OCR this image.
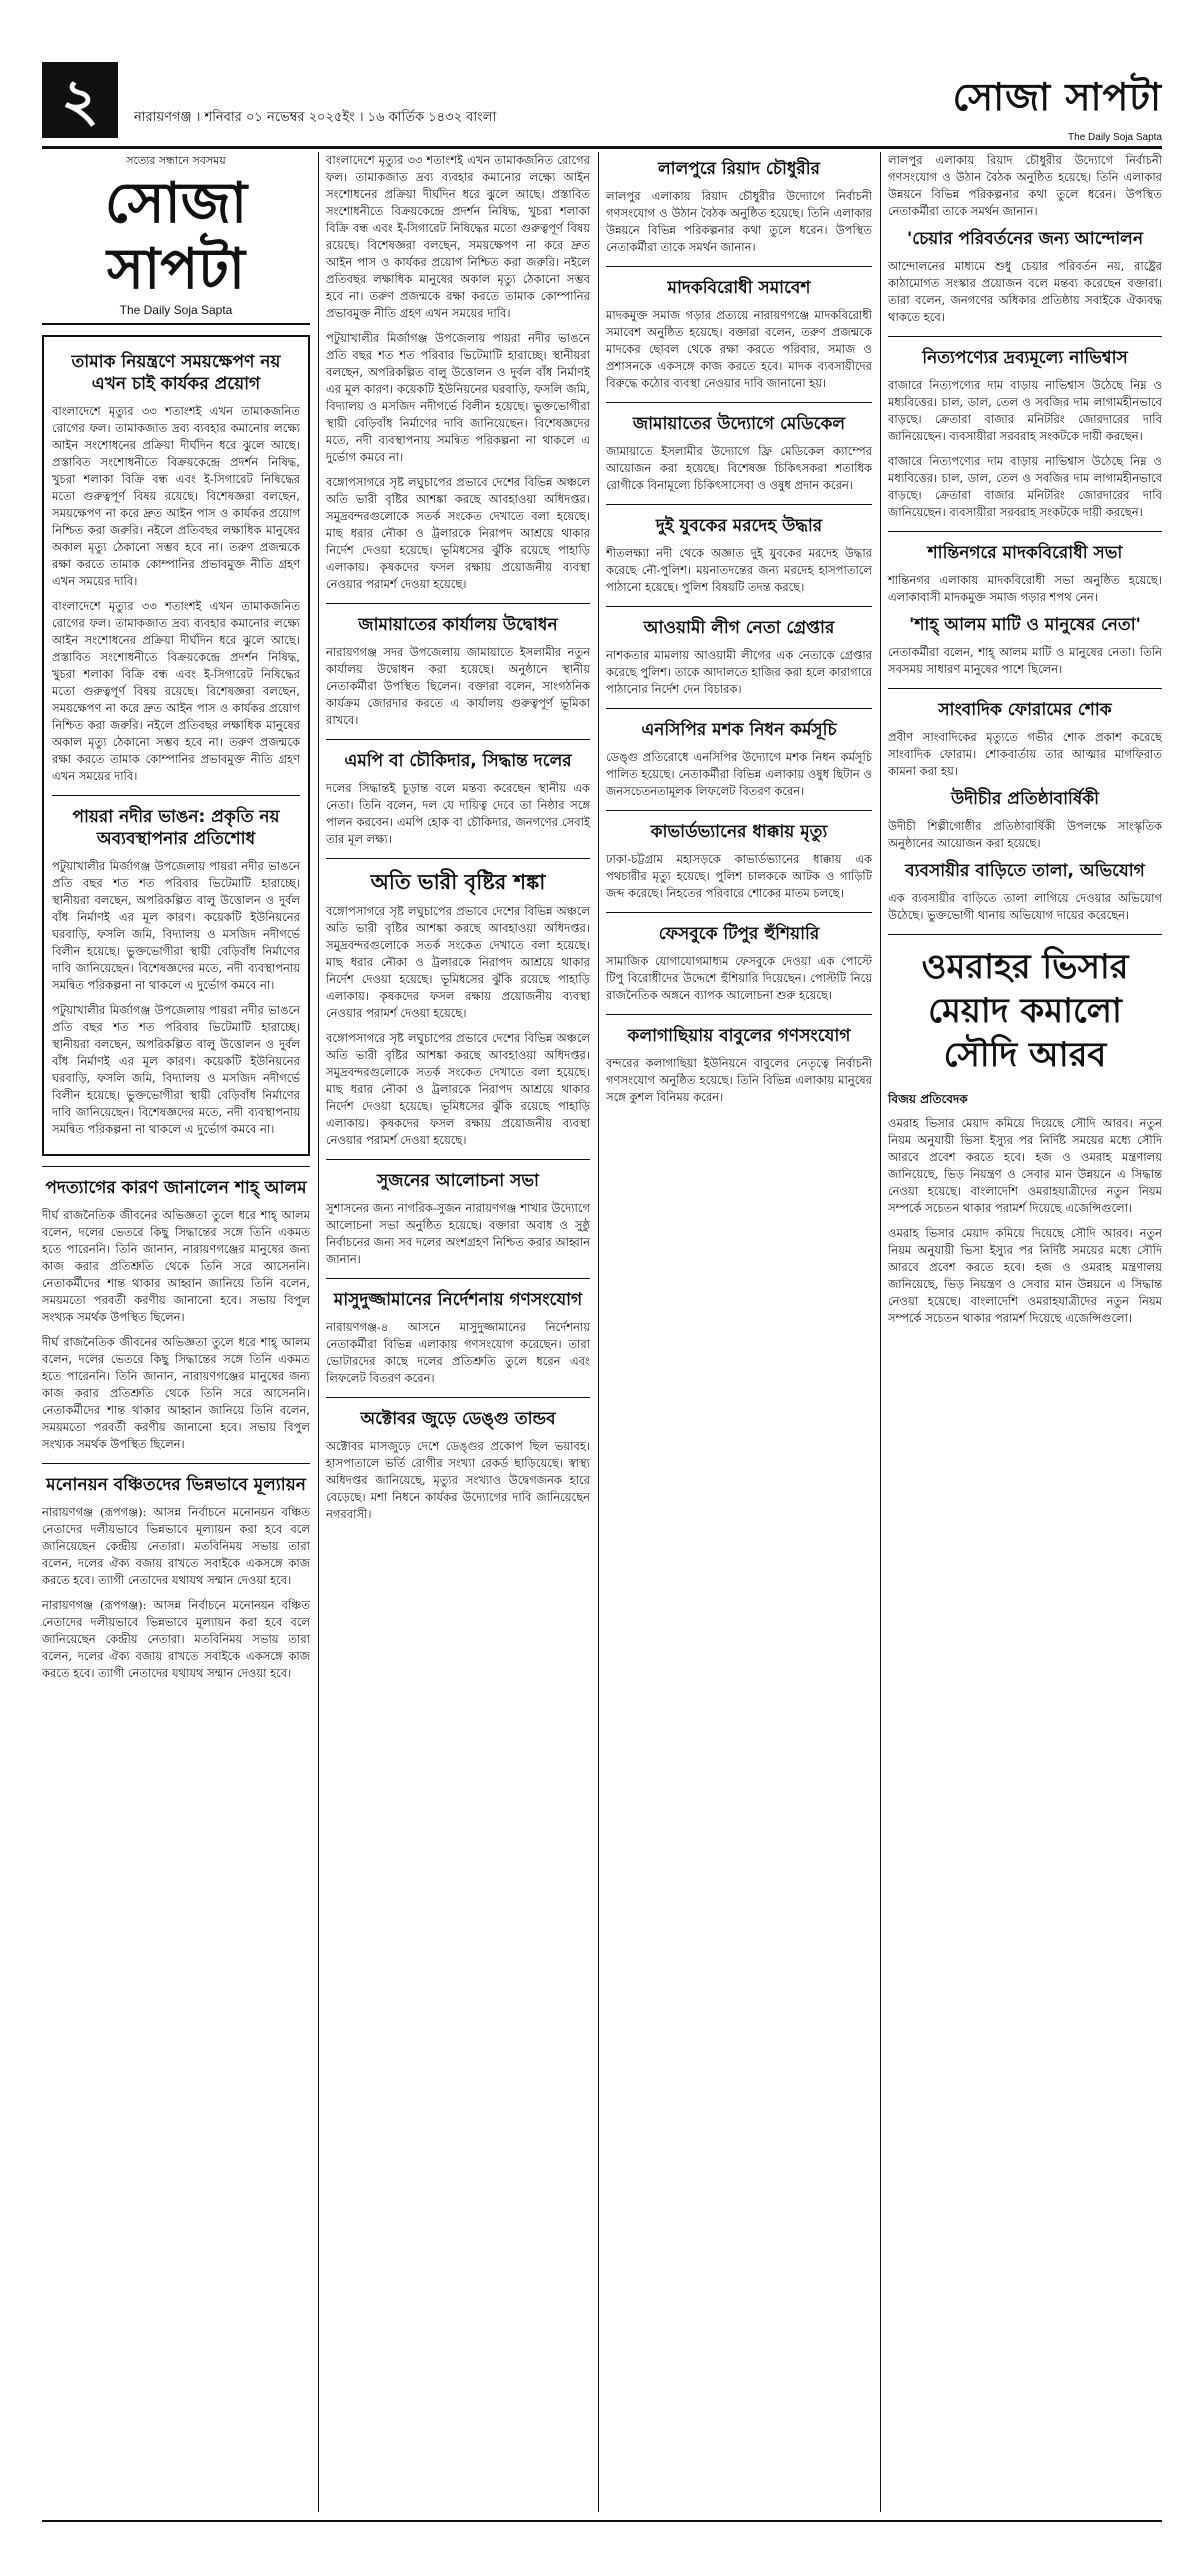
২	নারায়ণগঞ্জ । শনিবার ০১ নভেম্বর ২০২৫ইং । ১৬ কার্তিক ১৪৩২ বাংলা	সোজা সাপটা
The Daily Soja Sapta
সত্যের সন্ধানে সবসময়
সোজা সাপটা
The Daily Soja Sapta
তামাক নিয়ন্ত্রণে সময়ক্ষেপণ নয় এখন চাই কার্যকর প্রয়োগ

বাংলাদেশে মৃত্যুর ৩৩ শতাংশই এখন তামাকজনিত রোগের ফল। তামাকজাত দ্রব্য ব্যবহার কমানোর লক্ষ্যে আইন সংশোধনের প্রক্রিয়া দীর্ঘদিন ধরে ঝুলে আছে। প্রস্তাবিত সংশোধনীতে বিক্রয়কেন্দ্রে প্রদর্শন নিষিদ্ধ, খুচরা শলাকা বিক্রি বন্ধ এবং ই-সিগারেট নিষিদ্ধের মতো গুরুত্বপূর্ণ বিষয় রয়েছে। বিশেষজ্ঞরা বলছেন, সময়ক্ষেপণ না করে দ্রুত আইন পাস ও কার্যকর প্রয়োগ নিশ্চিত করা জরুরি। নইলে প্রতিবছর লক্ষাধিক মানুষের অকাল মৃত্যু ঠেকানো সম্ভব হবে না। তরুণ প্রজন্মকে রক্ষা করতে তামাক কোম্পানির প্রভাবমুক্ত নীতি গ্রহণ এখন সময়ের দাবি।

বাংলাদেশে মৃত্যুর ৩৩ শতাংশই এখন তামাকজনিত রোগের ফল। তামাকজাত দ্রব্য ব্যবহার কমানোর লক্ষ্যে আইন সংশোধনের প্রক্রিয়া দীর্ঘদিন ধরে ঝুলে আছে। প্রস্তাবিত সংশোধনীতে বিক্রয়কেন্দ্রে প্রদর্শন নিষিদ্ধ, খুচরা শলাকা বিক্রি বন্ধ এবং ই-সিগারেট নিষিদ্ধের মতো গুরুত্বপূর্ণ বিষয় রয়েছে। বিশেষজ্ঞরা বলছেন, সময়ক্ষেপণ না করে দ্রুত আইন পাস ও কার্যকর প্রয়োগ নিশ্চিত করা জরুরি। নইলে প্রতিবছর লক্ষাধিক মানুষের অকাল মৃত্যু ঠেকানো সম্ভব হবে না। তরুণ প্রজন্মকে রক্ষা করতে তামাক কোম্পানির প্রভাবমুক্ত নীতি গ্রহণ এখন সময়ের দাবি।

পায়রা নদীর ভাঙন: প্রকৃতি নয় অব্যবস্থাপনার প্রতিশোধ

পটুয়াখালীর মির্জাগঞ্জ উপজেলায় পায়রা নদীর ভাঙনে প্রতি বছর শত শত পরিবার ভিটেমাটি হারাচ্ছে। স্থানীয়রা বলছেন, অপরিকল্পিত বালু উত্তোলন ও দুর্বল বাঁধ নির্মাণই এর মূল কারণ। কয়েকটি ইউনিয়নের ঘরবাড়ি, ফসলি জমি, বিদ্যালয় ও মসজিদ নদীগর্ভে বিলীন হয়েছে। ভুক্তভোগীরা স্থায়ী বেড়িবাঁধ নির্মাণের দাবি জানিয়েছেন। বিশেষজ্ঞদের মতে, নদী ব্যবস্থাপনায় সমন্বিত পরিকল্পনা না থাকলে এ দুর্ভোগ কমবে না।

পটুয়াখালীর মির্জাগঞ্জ উপজেলায় পায়রা নদীর ভাঙনে প্রতি বছর শত শত পরিবার ভিটেমাটি হারাচ্ছে। স্থানীয়রা বলছেন, অপরিকল্পিত বালু উত্তোলন ও দুর্বল বাঁধ নির্মাণই এর মূল কারণ। কয়েকটি ইউনিয়নের ঘরবাড়ি, ফসলি জমি, বিদ্যালয় ও মসজিদ নদীগর্ভে বিলীন হয়েছে। ভুক্তভোগীরা স্থায়ী বেড়িবাঁধ নির্মাণের দাবি জানিয়েছেন। বিশেষজ্ঞদের মতে, নদী ব্যবস্থাপনায় সমন্বিত পরিকল্পনা না থাকলে এ দুর্ভোগ কমবে না।

পদত্যাগের কারণ জানালেন শাহ্ আলম

দীর্ঘ রাজনৈতিক জীবনের অভিজ্ঞতা তুলে ধরে শাহ্ আলম বলেন, দলের ভেতরে কিছু সিদ্ধান্তের সঙ্গে তিনি একমত হতে পারেননি। তিনি জানান, নারায়ণগঞ্জের মানুষের জন্য কাজ করার প্রতিশ্রুতি থেকে তিনি সরে আসেননি। নেতাকর্মীদের শান্ত থাকার আহ্বান জানিয়ে তিনি বলেন, সময়মতো পরবর্তী করণীয় জানানো হবে। সভায় বিপুল সংখ্যক সমর্থক উপস্থিত ছিলেন।

দীর্ঘ রাজনৈতিক জীবনের অভিজ্ঞতা তুলে ধরে শাহ্ আলম বলেন, দলের ভেতরে কিছু সিদ্ধান্তের সঙ্গে তিনি একমত হতে পারেননি। তিনি জানান, নারায়ণগঞ্জের মানুষের জন্য কাজ করার প্রতিশ্রুতি থেকে তিনি সরে আসেননি। নেতাকর্মীদের শান্ত থাকার আহ্বান জানিয়ে তিনি বলেন, সময়মতো পরবর্তী করণীয় জানানো হবে। সভায় বিপুল সংখ্যক সমর্থক উপস্থিত ছিলেন।

মনোনয়ন বঞ্চিতদের ভিন্নভাবে মূল্যায়ন

নারায়ণগঞ্জ (রূপগঞ্জ): আসন্ন নির্বাচনে মনোনয়ন বঞ্চিত নেতাদের দলীয়ভাবে ভিন্নভাবে মূল্যায়ন করা হবে বলে জানিয়েছেন কেন্দ্রীয় নেতারা। মতবিনিময় সভায় তারা বলেন, দলের ঐক্য বজায় রাখতে সবাইকে একসঙ্গে কাজ করতে হবে। ত্যাগী নেতাদের যথাযথ সম্মান দেওয়া হবে।

নারায়ণগঞ্জ (রূপগঞ্জ): আসন্ন নির্বাচনে মনোনয়ন বঞ্চিত নেতাদের দলীয়ভাবে ভিন্নভাবে মূল্যায়ন করা হবে বলে জানিয়েছেন কেন্দ্রীয় নেতারা। মতবিনিময় সভায় তারা বলেন, দলের ঐক্য বজায় রাখতে সবাইকে একসঙ্গে কাজ করতে হবে। ত্যাগী নেতাদের যথাযথ সম্মান দেওয়া হবে।

বাংলাদেশে মৃত্যুর ৩৩ শতাংশই এখন তামাকজনিত রোগের ফল। তামাকজাত দ্রব্য ব্যবহার কমানোর লক্ষ্যে আইন সংশোধনের প্রক্রিয়া দীর্ঘদিন ধরে ঝুলে আছে। প্রস্তাবিত সংশোধনীতে বিক্রয়কেন্দ্রে প্রদর্শন নিষিদ্ধ, খুচরা শলাকা বিক্রি বন্ধ এবং ই-সিগারেট নিষিদ্ধের মতো গুরুত্বপূর্ণ বিষয় রয়েছে। বিশেষজ্ঞরা বলছেন, সময়ক্ষেপণ না করে দ্রুত আইন পাস ও কার্যকর প্রয়োগ নিশ্চিত করা জরুরি। নইলে প্রতিবছর লক্ষাধিক মানুষের অকাল মৃত্যু ঠেকানো সম্ভব হবে না। তরুণ প্রজন্মকে রক্ষা করতে তামাক কোম্পানির প্রভাবমুক্ত নীতি গ্রহণ এখন সময়ের দাবি।

পটুয়াখালীর মির্জাগঞ্জ উপজেলায় পায়রা নদীর ভাঙনে প্রতি বছর শত শত পরিবার ভিটেমাটি হারাচ্ছে। স্থানীয়রা বলছেন, অপরিকল্পিত বালু উত্তোলন ও দুর্বল বাঁধ নির্মাণই এর মূল কারণ। কয়েকটি ইউনিয়নের ঘরবাড়ি, ফসলি জমি, বিদ্যালয় ও মসজিদ নদীগর্ভে বিলীন হয়েছে। ভুক্তভোগীরা স্থায়ী বেড়িবাঁধ নির্মাণের দাবি জানিয়েছেন। বিশেষজ্ঞদের মতে, নদী ব্যবস্থাপনায় সমন্বিত পরিকল্পনা না থাকলে এ দুর্ভোগ কমবে না।

বঙ্গোপসাগরে সৃষ্ট লঘুচাপের প্রভাবে দেশের বিভিন্ন অঞ্চলে অতি ভারী বৃষ্টির আশঙ্কা করছে আবহাওয়া অধিদপ্তর। সমুদ্রবন্দরগুলোকে সতর্ক সংকেত দেখাতে বলা হয়েছে। মাছ ধরার নৌকা ও ট্রলারকে নিরাপদ আশ্রয়ে থাকার নির্দেশ দেওয়া হয়েছে। ভূমিধসের ঝুঁকি রয়েছে পাহাড়ি এলাকায়। কৃষকদের ফসল রক্ষায় প্রয়োজনীয় ব্যবস্থা নেওয়ার পরামর্শ দেওয়া হয়েছে।

জামায়াতের কার্যালয় উদ্বোধন

নারায়ণগঞ্জ সদর উপজেলায় জামায়াতে ইসলামীর নতুন কার্যালয় উদ্বোধন করা হয়েছে। অনুষ্ঠানে স্থানীয় নেতাকর্মীরা উপস্থিত ছিলেন। বক্তারা বলেন, সাংগঠনিক কার্যক্রম জোরদার করতে এ কার্যালয় গুরুত্বপূর্ণ ভূমিকা রাখবে।

এমপি বা চৌকিদার, সিদ্ধান্ত দলের

দলের সিদ্ধান্তই চূড়ান্ত বলে মন্তব্য করেছেন স্থানীয় এক নেতা। তিনি বলেন, দল যে দায়িত্ব দেবে তা নিষ্ঠার সঙ্গে পালন করবেন। এমপি হোক বা চৌকিদার, জনগণের সেবাই তার মূল লক্ষ্য।

অতি ভারী বৃষ্টির শঙ্কা

বঙ্গোপসাগরে সৃষ্ট লঘুচাপের প্রভাবে দেশের বিভিন্ন অঞ্চলে অতি ভারী বৃষ্টির আশঙ্কা করছে আবহাওয়া অধিদপ্তর। সমুদ্রবন্দরগুলোকে সতর্ক সংকেত দেখাতে বলা হয়েছে। মাছ ধরার নৌকা ও ট্রলারকে নিরাপদ আশ্রয়ে থাকার নির্দেশ দেওয়া হয়েছে। ভূমিধসের ঝুঁকি রয়েছে পাহাড়ি এলাকায়। কৃষকদের ফসল রক্ষায় প্রয়োজনীয় ব্যবস্থা নেওয়ার পরামর্শ দেওয়া হয়েছে।

বঙ্গোপসাগরে সৃষ্ট লঘুচাপের প্রভাবে দেশের বিভিন্ন অঞ্চলে অতি ভারী বৃষ্টির আশঙ্কা করছে আবহাওয়া অধিদপ্তর। সমুদ্রবন্দরগুলোকে সতর্ক সংকেত দেখাতে বলা হয়েছে। মাছ ধরার নৌকা ও ট্রলারকে নিরাপদ আশ্রয়ে থাকার নির্দেশ দেওয়া হয়েছে। ভূমিধসের ঝুঁকি রয়েছে পাহাড়ি এলাকায়। কৃষকদের ফসল রক্ষায় প্রয়োজনীয় ব্যবস্থা নেওয়ার পরামর্শ দেওয়া হয়েছে।

সুজনের আলোচনা সভা

সুশাসনের জন্য নাগরিক-সুজন নারায়ণগঞ্জ শাখার উদ্যোগে আলোচনা সভা অনুষ্ঠিত হয়েছে। বক্তারা অবাধ ও সুষ্ঠু নির্বাচনের জন্য সব দলের অংশগ্রহণ নিশ্চিত করার আহ্বান জানান।

মাসুদুজ্জামানের নির্দেশনায় গণসংযোগ

নারায়ণগঞ্জ-৪ আসনে মাসুদুজ্জামানের নির্দেশনায় নেতাকর্মীরা বিভিন্ন এলাকায় গণসংযোগ করেছেন। তারা ভোটারদের কাছে দলের প্রতিশ্রুতি তুলে ধরেন এবং লিফলেট বিতরণ করেন।

অক্টোবর জুড়ে ডেঙ্গু তান্ডব

অক্টোবর মাসজুড়ে দেশে ডেঙ্গুর প্রকোপ ছিল ভয়াবহ। হাসপাতালে ভর্তি রোগীর সংখ্যা রেকর্ড ছাড়িয়েছে। স্বাস্থ্য অধিদপ্তর জানিয়েছে, মৃত্যুর সংখ্যাও উদ্বেগজনক হারে বেড়েছে। মশা নিধনে কার্যকর উদ্যোগের দাবি জানিয়েছেন নগরবাসী।

লালপুরে রিয়াদ চৌধুরীর

লালপুর এলাকায় রিয়াদ চৌধুরীর উদ্যোগে নির্বাচনী গণসংযোগ ও উঠান বৈঠক অনুষ্ঠিত হয়েছে। তিনি এলাকার উন্নয়নে বিভিন্ন পরিকল্পনার কথা তুলে ধরেন। উপস্থিত নেতাকর্মীরা তাকে সমর্থন জানান।

মাদকবিরোধী সমাবেশ

মাদকমুক্ত সমাজ গড়ার প্রত্যয়ে নারায়ণগঞ্জে মাদকবিরোধী সমাবেশ অনুষ্ঠিত হয়েছে। বক্তারা বলেন, তরুণ প্রজন্মকে মাদকের ছোবল থেকে রক্ষা করতে পরিবার, সমাজ ও প্রশাসনকে একসঙ্গে কাজ করতে হবে। মাদক ব্যবসায়ীদের বিরুদ্ধে কঠোর ব্যবস্থা নেওয়ার দাবি জানানো হয়।

জামায়াতের উদ্যোগে মেডিকেল

জামায়াতে ইসলামীর উদ্যোগে ফ্রি মেডিকেল ক্যাম্পের আয়োজন করা হয়েছে। বিশেষজ্ঞ চিকিৎসকরা শতাধিক রোগীকে বিনামূল্যে চিকিৎসাসেবা ও ওষুধ প্রদান করেন।

দুই যুবকের মরদেহ উদ্ধার

শীতলক্ষ্যা নদী থেকে অজ্ঞাত দুই যুবকের মরদেহ উদ্ধার করেছে নৌ-পুলিশ। ময়নাতদন্তের জন্য মরদেহ হাসপাতালে পাঠানো হয়েছে। পুলিশ বিষয়টি তদন্ত করছে।

আওয়ামী লীগ নেতা গ্রেপ্তার

নাশকতার মামলায় আওয়ামী লীগের এক নেতাকে গ্রেপ্তার করেছে পুলিশ। তাকে আদালতে হাজির করা হলে কারাগারে পাঠানোর নির্দেশ দেন বিচারক।

এনসিপির মশক নিধন কর্মসূচি

ডেঙ্গু প্রতিরোধে এনসিপির উদ্যোগে মশক নিধন কর্মসূচি পালিত হয়েছে। নেতাকর্মীরা বিভিন্ন এলাকায় ওষুধ ছিটান ও জনসচেতনতামূলক লিফলেট বিতরণ করেন।

কাভার্ডভ্যানের ধাক্কায় মৃত্যু

ঢাকা-চট্টগ্রাম মহাসড়কে কাভার্ডভ্যানের ধাক্কায় এক পথচারীর মৃত্যু হয়েছে। পুলিশ চালককে আটক ও গাড়িটি জব্দ করেছে। নিহতের পরিবারে শোকের মাতম চলছে।

ফেসবুকে টিপুর হুঁশিয়ারি

সামাজিক যোগাযোগমাধ্যম ফেসবুকে দেওয়া এক পোস্টে টিপু বিরোধীদের উদ্দেশে হুঁশিয়ারি দিয়েছেন। পোস্টটি নিয়ে রাজনৈতিক অঙ্গনে ব্যাপক আলোচনা শুরু হয়েছে।

কলাগাছিয়ায় বাবুলের গণসংযোগ

বন্দরের কলাগাছিয়া ইউনিয়নে বাবুলের নেতৃত্বে নির্বাচনী গণসংযোগ অনুষ্ঠিত হয়েছে। তিনি বিভিন্ন এলাকায় মানুষের সঙ্গে কুশল বিনিময় করেন।

লালপুর এলাকায় রিয়াদ চৌধুরীর উদ্যোগে নির্বাচনী গণসংযোগ ও উঠান বৈঠক অনুষ্ঠিত হয়েছে। তিনি এলাকার উন্নয়নে বিভিন্ন পরিকল্পনার কথা তুলে ধরেন। উপস্থিত নেতাকর্মীরা তাকে সমর্থন জানান।

'চেয়ার পরিবর্তনের জন্য আন্দোলন

আন্দোলনের মাধ্যমে শুধু চেয়ার পরিবর্তন নয়, রাষ্ট্রের কাঠামোগত সংস্কার প্রয়োজন বলে মন্তব্য করেছেন বক্তারা। তারা বলেন, জনগণের অধিকার প্রতিষ্ঠায় সবাইকে ঐক্যবদ্ধ থাকতে হবে।

নিত্যপণ্যের দ্রব্যমূল্যে নাভিশ্বাস

বাজারে নিত্যপণ্যের দাম বাড়ায় নাভিশ্বাস উঠেছে নিম্ন ও মধ্যবিত্তের। চাল, ডাল, তেল ও সবজির দাম লাগামহীনভাবে বাড়ছে। ক্রেতারা বাজার মনিটরিং জোরদারের দাবি জানিয়েছেন। ব্যবসায়ীরা সরবরাহ সংকটকে দায়ী করছেন।

বাজারে নিত্যপণ্যের দাম বাড়ায় নাভিশ্বাস উঠেছে নিম্ন ও মধ্যবিত্তের। চাল, ডাল, তেল ও সবজির দাম লাগামহীনভাবে বাড়ছে। ক্রেতারা বাজার মনিটরিং জোরদারের দাবি জানিয়েছেন। ব্যবসায়ীরা সরবরাহ সংকটকে দায়ী করছেন।

শান্তিনগরে মাদকবিরোধী সভা

শান্তিনগর এলাকায় মাদকবিরোধী সভা অনুষ্ঠিত হয়েছে। এলাকাবাসী মাদকমুক্ত সমাজ গড়ার শপথ নেন।

'শাহ্ আলম মাটি ও মানুষের নেতা'

নেতাকর্মীরা বলেন, শাহ্ আলম মাটি ও মানুষের নেতা। তিনি সবসময় সাধারণ মানুষের পাশে ছিলেন।

সাংবাদিক ফোরামের শোক

প্রবীণ সাংবাদিকের মৃত্যুতে গভীর শোক প্রকাশ করেছে সাংবাদিক ফোরাম। শোকবার্তায় তার আত্মার মাগফিরাত কামনা করা হয়।

উদীচীর প্রতিষ্ঠাবার্ষিকী

উদীচী শিল্পীগোষ্ঠীর প্রতিষ্ঠাবার্ষিকী উপলক্ষে সাংস্কৃতিক অনুষ্ঠানের আয়োজন করা হয়েছে।

ব্যবসায়ীর বাড়িতে তালা, অভিযোগ

এক ব্যবসায়ীর বাড়িতে তালা লাগিয়ে দেওয়ার অভিযোগ উঠেছে। ভুক্তভোগী থানায় অভিযোগ দায়ের করেছেন।

ওমরাহর ভিসার মেয়াদ কমালো সৌদি আরব
বিজয় প্রতিবেদক

ওমরাহ ভিসার মেয়াদ কমিয়ে দিয়েছে সৌদি আরব। নতুন নিয়ম অনুযায়ী ভিসা ইস্যুর পর নির্দিষ্ট সময়ের মধ্যে সৌদি আরবে প্রবেশ করতে হবে। হজ ও ওমরাহ মন্ত্রণালয় জানিয়েছে, ভিড় নিয়ন্ত্রণ ও সেবার মান উন্নয়নে এ সিদ্ধান্ত নেওয়া হয়েছে। বাংলাদেশি ওমরাহযাত্রীদের নতুন নিয়ম সম্পর্কে সচেতন থাকার পরামর্শ দিয়েছে এজেন্সিগুলো।

ওমরাহ ভিসার মেয়াদ কমিয়ে দিয়েছে সৌদি আরব। নতুন নিয়ম অনুযায়ী ভিসা ইস্যুর পর নির্দিষ্ট সময়ের মধ্যে সৌদি আরবে প্রবেশ করতে হবে। হজ ও ওমরাহ মন্ত্রণালয় জানিয়েছে, ভিড় নিয়ন্ত্রণ ও সেবার মান উন্নয়নে এ সিদ্ধান্ত নেওয়া হয়েছে। বাংলাদেশি ওমরাহযাত্রীদের নতুন নিয়ম সম্পর্কে সচেতন থাকার পরামর্শ দিয়েছে এজেন্সিগুলো।
